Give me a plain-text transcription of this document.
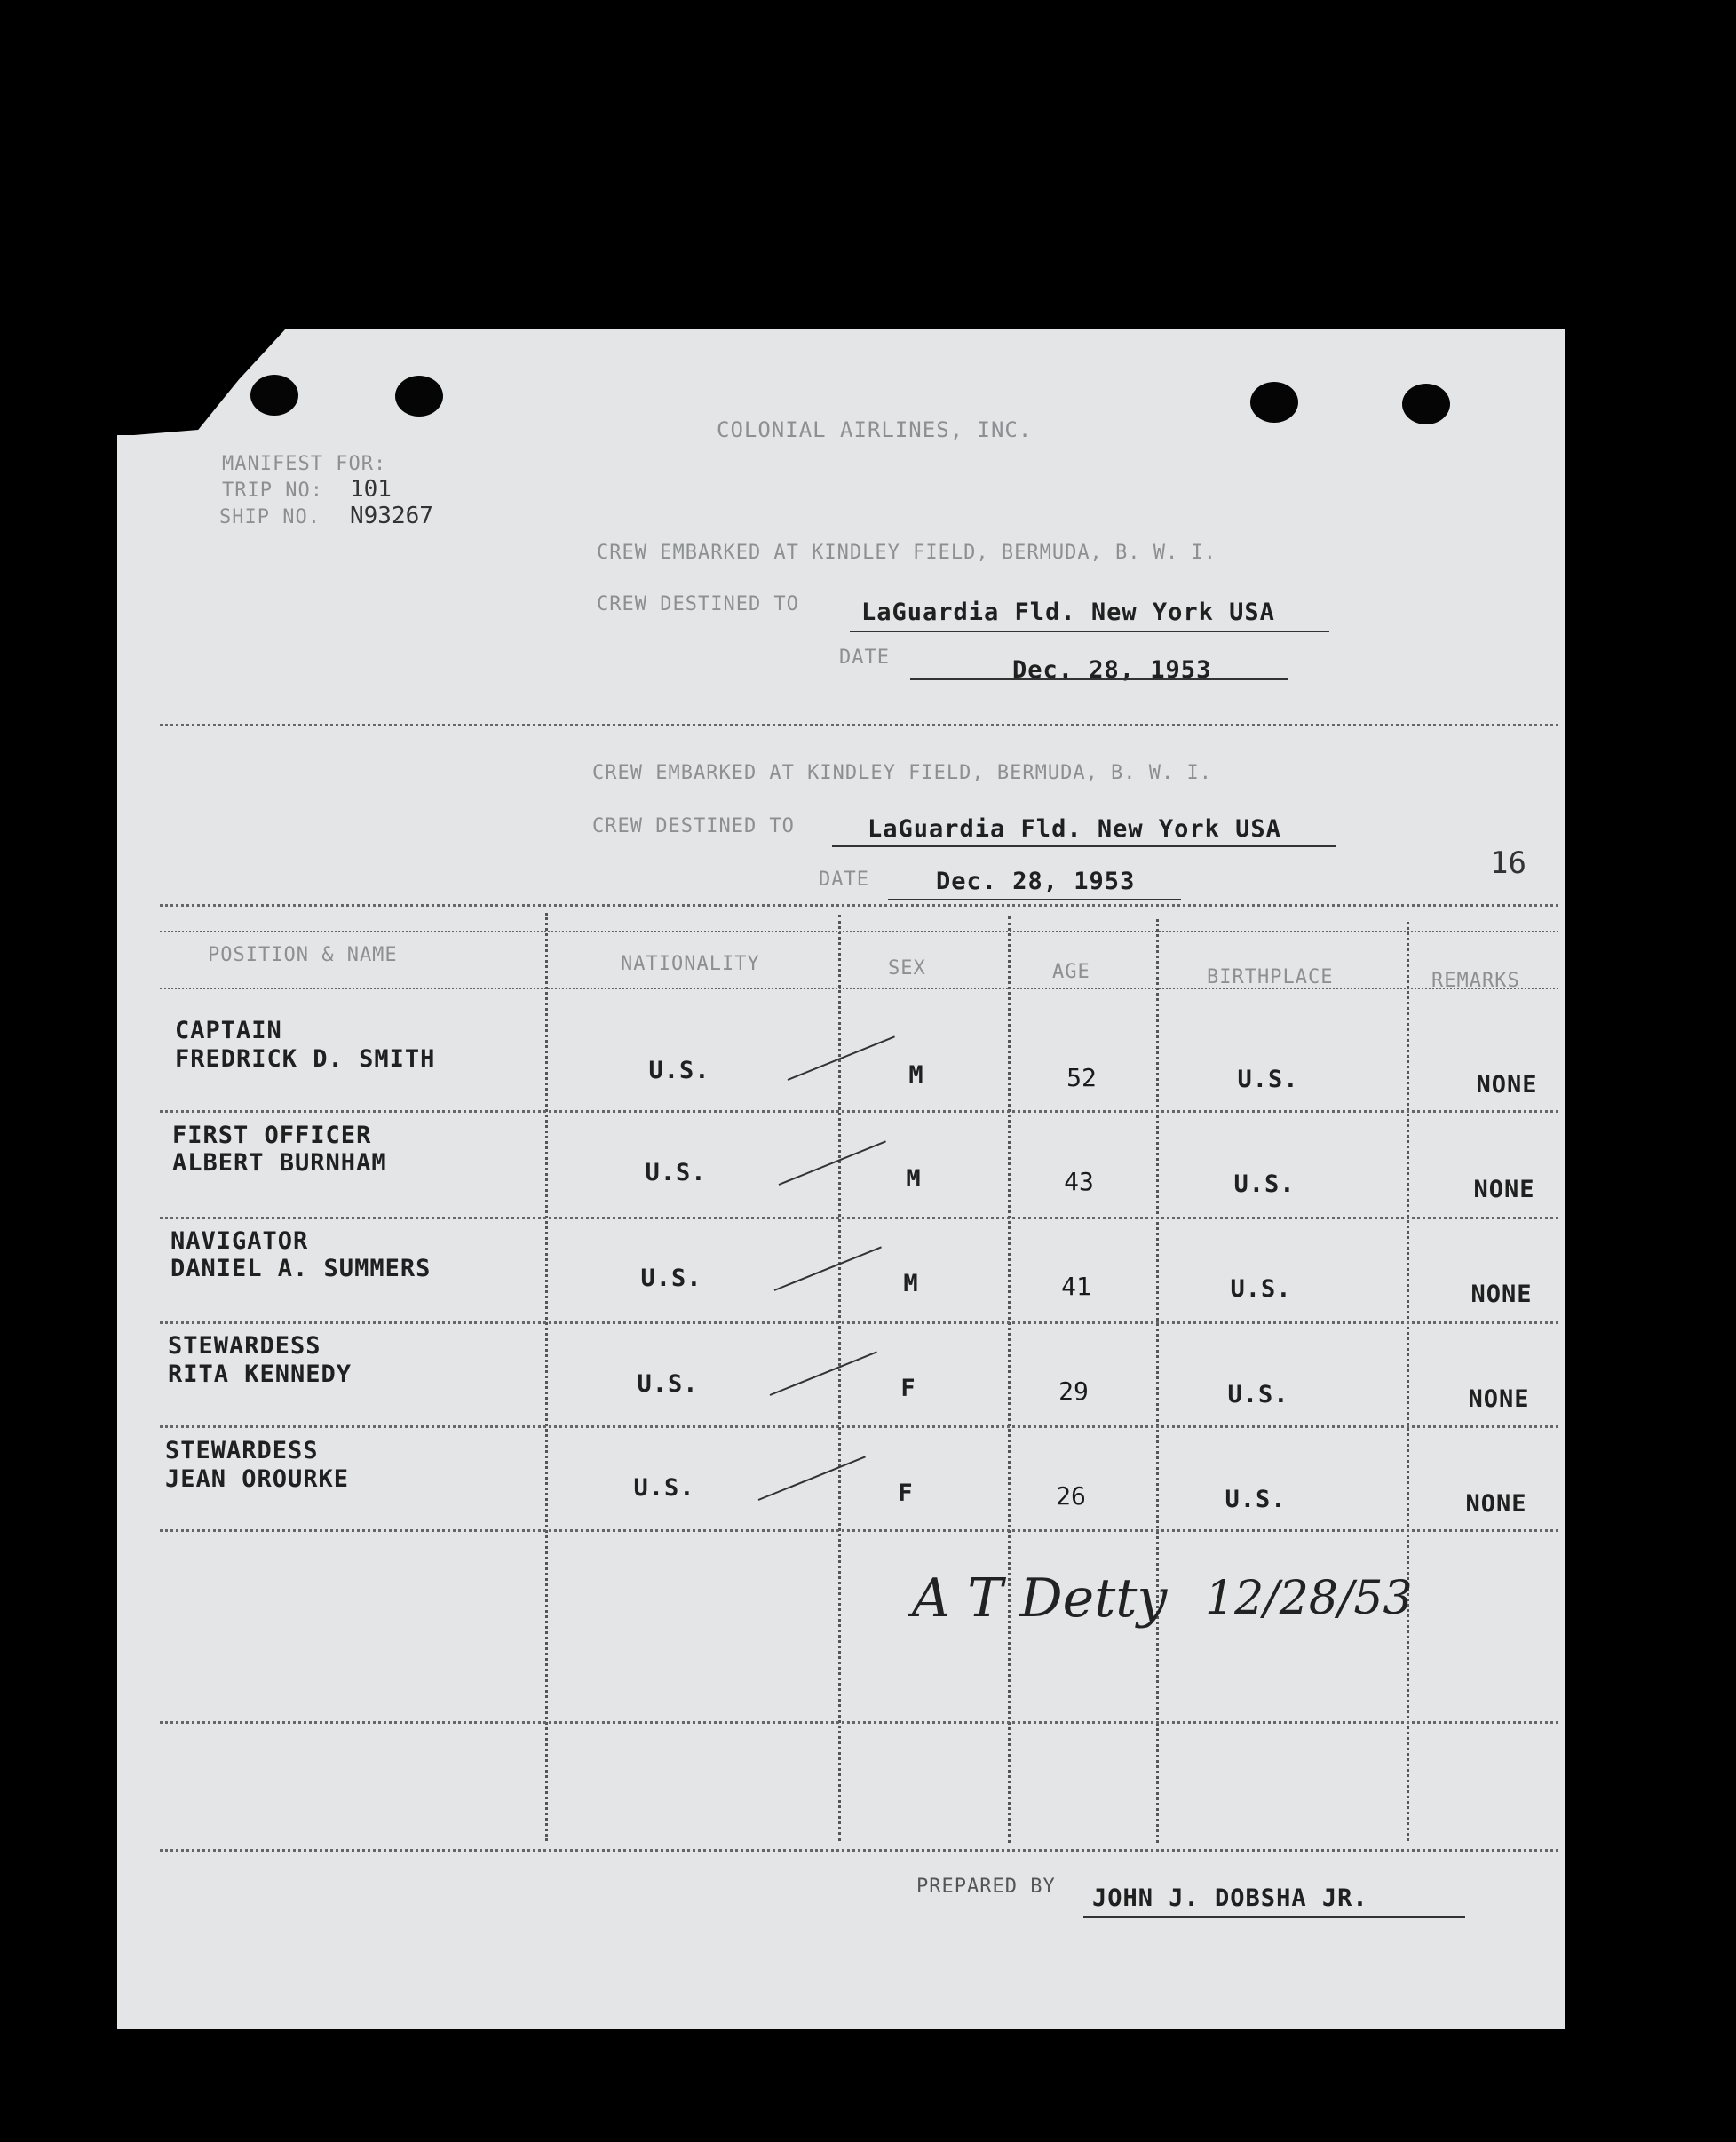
COLONIAL AIRLINES, INC.
MANIFEST FOR:
TRIP NO: 101
SHIP NO. N93267
CREW EMBARKED AT KINDLEY FIELD, BERMUDA, B. W. I.
CREW DESTINED TO	LaGuardia Fld. New York USA
DATE	Dec. 28, 1953
CREW EMBARKED AT KINDLEY FIELD, BERMUDA, B. W. I.
CREW DESTINED TO	LaGuardia Fld. New York USA
DATE	Dec. 28, 1953
16
POSITION & NAME	NATIONALITY	SEX	AGE	BIRTHPLACE	REMARKS
CAPTAIN
FREDRICK D. SMITH	U.S.	M	52	U.S.	NONE
FIRST OFFICER
ALBERT BURNHAM	U.S.	M	43	U.S.	NONE
NAVIGATOR
DANIEL A. SUMMERS	U.S.	M	41	U.S.	NONE
STEWARDESS
RITA KENNEDY	U.S.	F	29	U.S.	NONE
STEWARDESS
JEAN OROURKE	U.S.	F	26	U.S.	NONE
A T Detty 12/28/53
PREPARED BY JOHN J. DOBSHA JR.
